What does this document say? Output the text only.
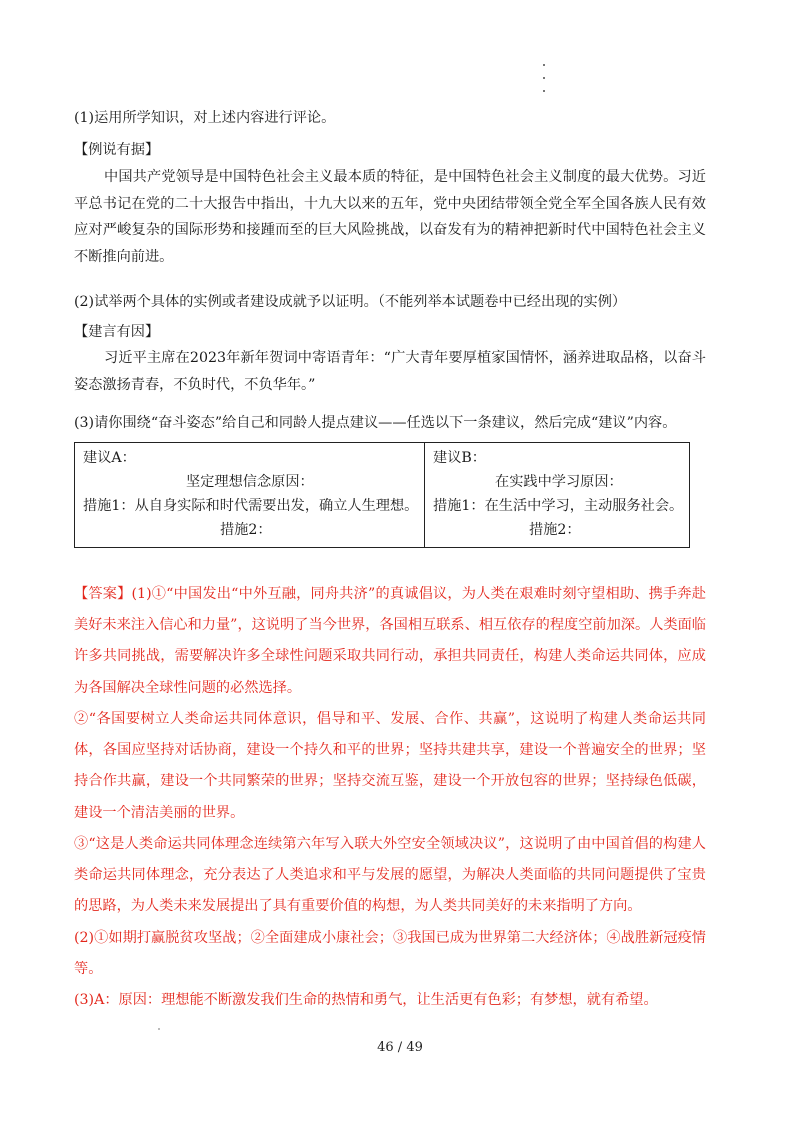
(1)运用所学知识，对上述内容进行评论。
【例说有据】
中国共产党领导是中国特色社会主义最本质的特征，是中国特色社会主义制度的最大优势。习近平总书记在党的二十大报告中指出，十九大以来的五年，党中央团结带领全党全军全国各族人民有效应对严峻复杂的国际形势和接踵而至的巨大风险挑战，以奋发有为的精神把新时代中国特色社会主义不断推向前进。
(2)试举两个具体的实例或者建设成就予以证明。（不能列举本试题卷中已经出现的实例）
【建言有因】
习近平主席在2023年新年贺词中寄语青年：“广大青年要厚植家国情怀，涵养进取品格，以奋斗姿态激扬青春，不负时代，不负华年。”
(3)请你围绕“奋斗姿态”给自己和同龄人提点建议——任选以下一条建议，然后完成“建议”内容。
建议A：
坚定理想信念原因：
措施1：从自身实际和时代需要出发，确立人生理想。
措施2：
建议B：
在实践中学习原因：
措施1：在生活中学习，主动服务社会。
措施2：
【答案】(1)①“中国发出“中外互融，同舟共济”的真诚倡议，为人类在艰难时刻守望相助、携手奔赴美好未来注入信心和力量”，这说明了当今世界，各国相互联系、相互依存的程度空前加深。人类面临许多共同挑战，需要解决许多全球性问题采取共同行动，承担共同责任，构建人类命运共同体，应成为各国解决全球性问题的必然选择。
②“各国要树立人类命运共同体意识，倡导和平、发展、合作、共赢”，这说明了构建人类命运共同体，各国应坚持对话协商，建设一个持久和平的世界；坚持共建共享，建设一个普遍安全的世界；坚持合作共赢，建设一个共同繁荣的世界；坚持交流互鉴，建设一个开放包容的世界；坚持绿色低碳，建设一个清洁美丽的世界。
③“这是人类命运共同体理念连续第六年写入联大外空安全领域决议”，这说明了由中国首倡的构建人类命运共同体理念，充分表达了人类追求和平与发展的愿望，为解决人类面临的共同问题提供了宝贵的思路，为人类未来发展提出了具有重要价值的构想，为人类共同美好的未来指明了方向。
(2)①如期打赢脱贫攻坚战；②全面建成小康社会；③我国已成为世界第二大经济体；④战胜新冠疫情等。
(3)A：原因：理想能不断激发我们生命的热情和勇气，让生活更有色彩；有梦想，就有希望。
46 / 49
